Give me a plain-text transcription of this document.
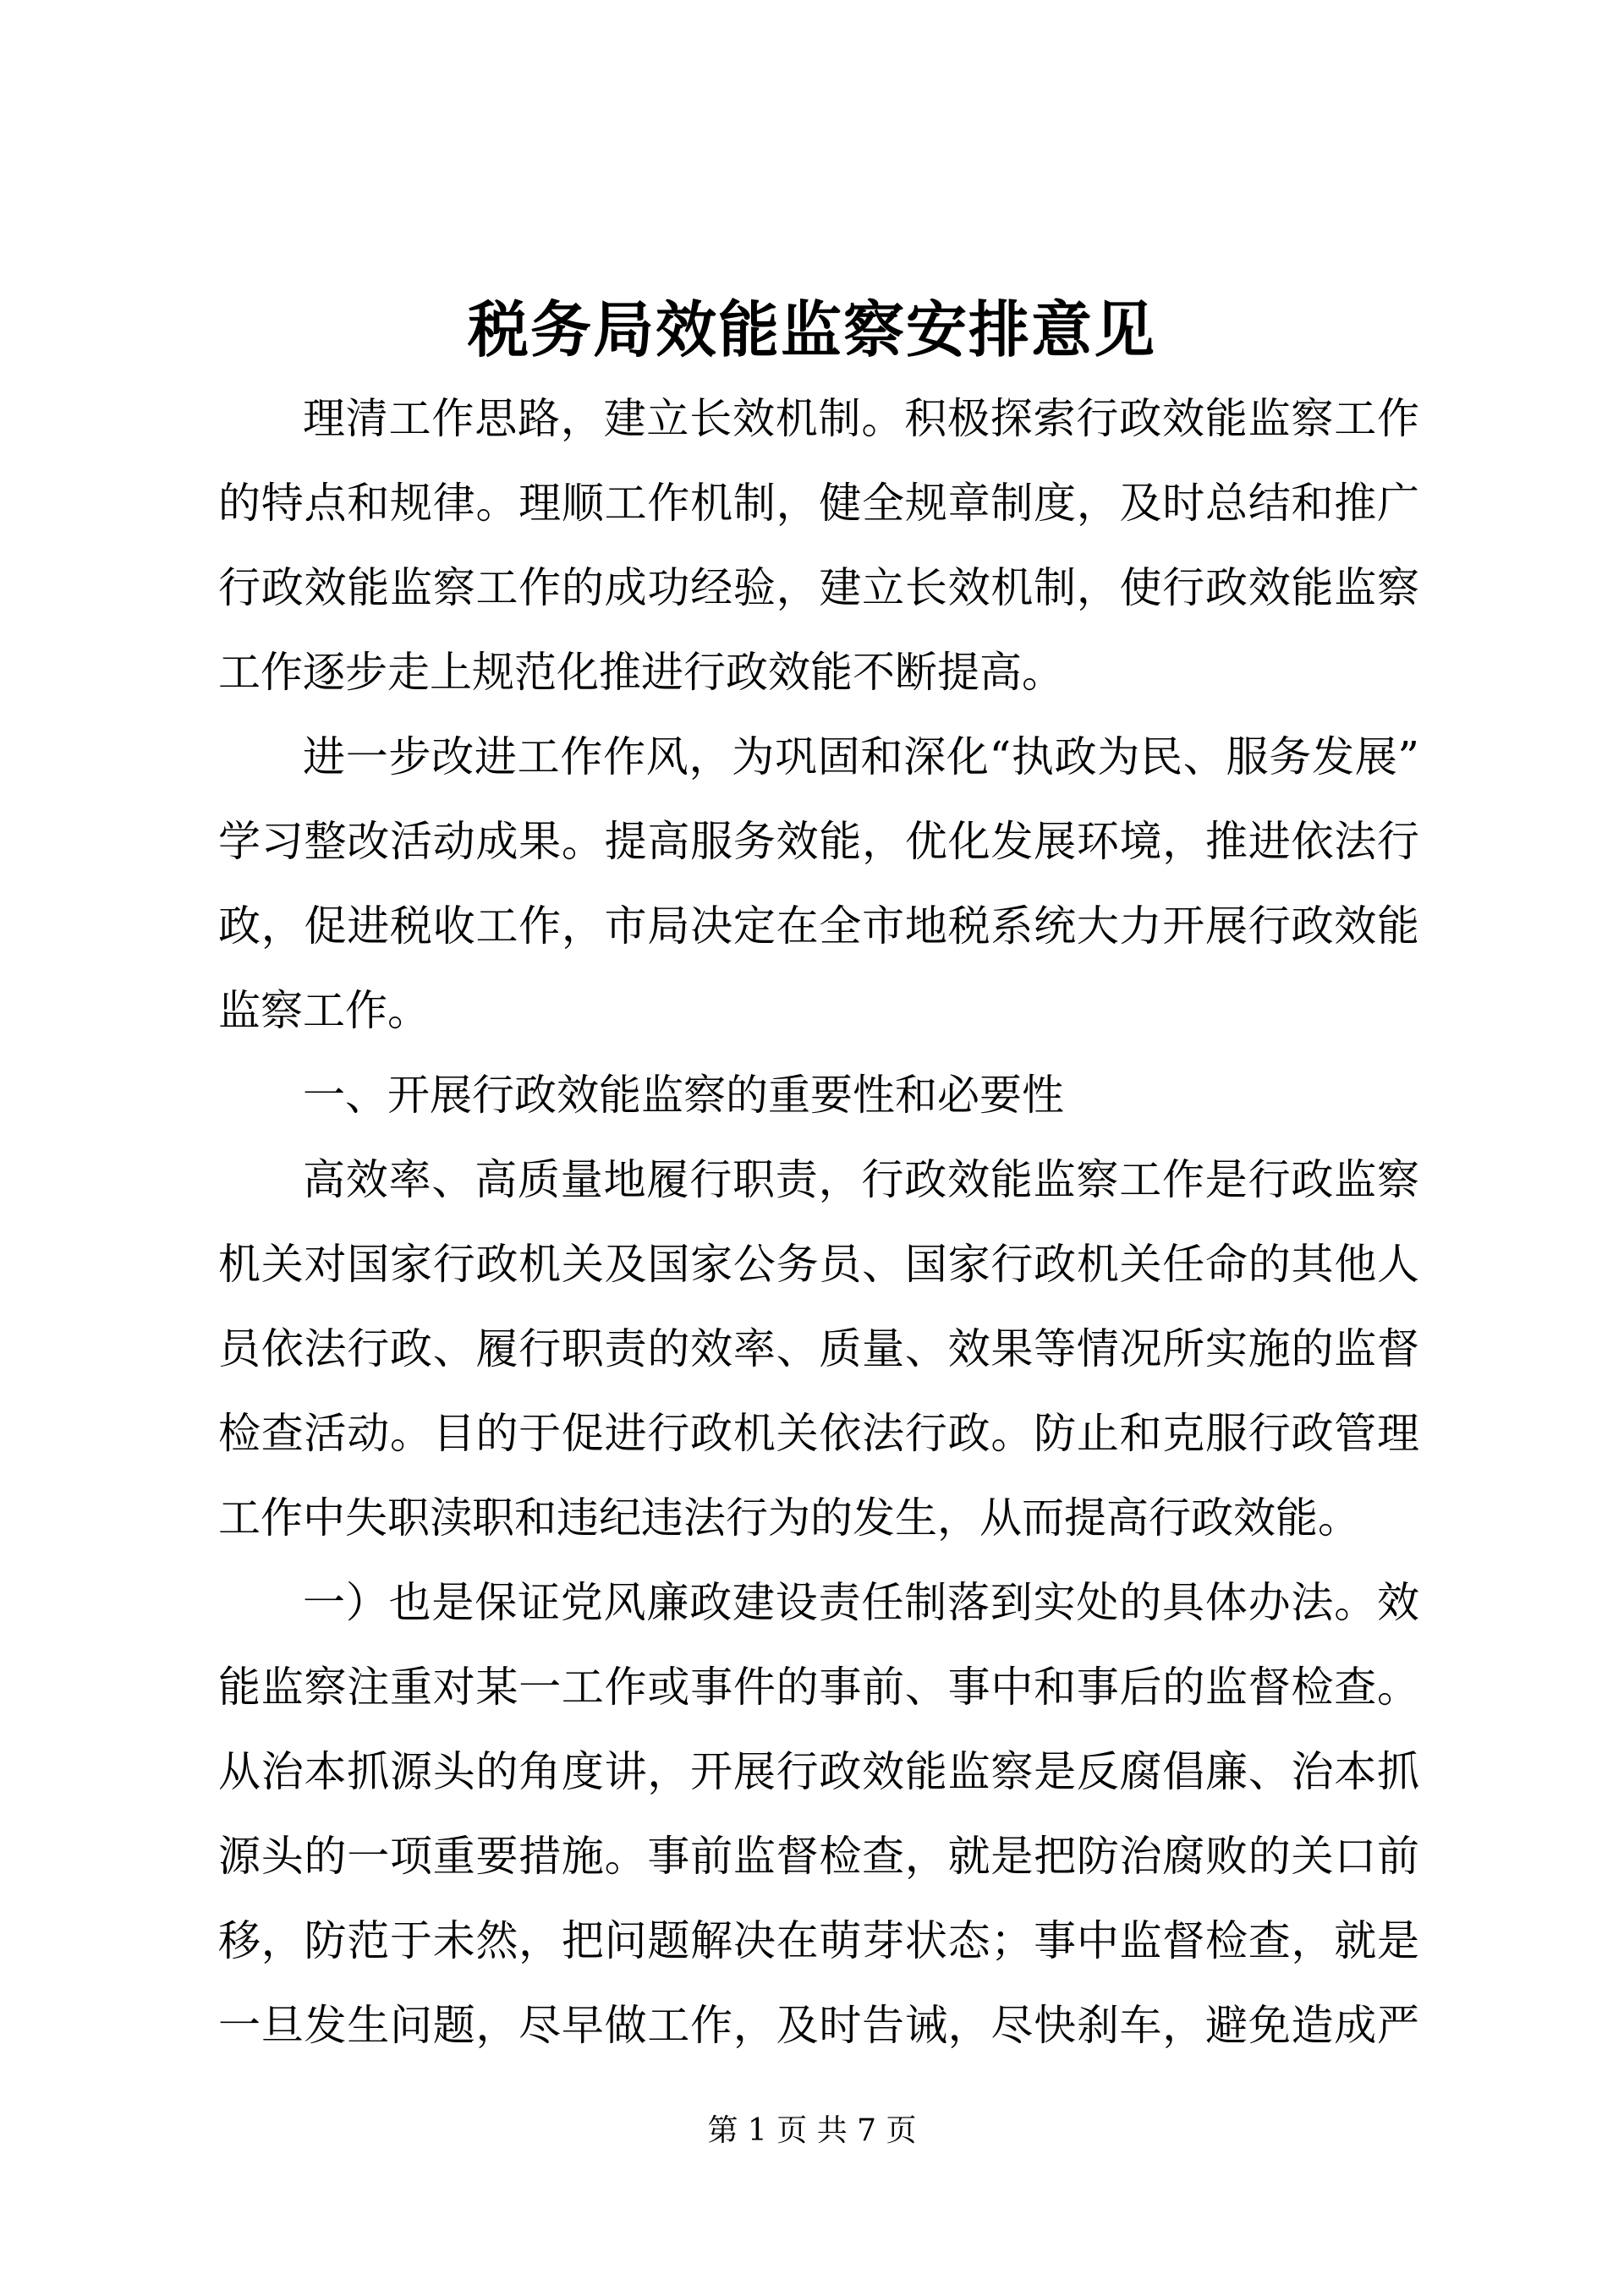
税务局效能监察安排意见
理清工作思路，建立长效机制。积极探索行政效能监察工作
的特点和规律。理顺工作机制，健全规章制度，及时总结和推广
行政效能监察工作的成功经验，建立长效机制，使行政效能监察
工作逐步走上规范化推进行政效能不断提高。
进一步改进工作作风，为巩固和深化“执政为民、服务发展”
学习整改活动成果。提高服务效能，优化发展环境，推进依法行
政，促进税收工作，市局决定在全市地税系统大力开展行政效能
监察工作。
一、开展行政效能监察的重要性和必要性
高效率、高质量地履行职责，行政效能监察工作是行政监察
机关对国家行政机关及国家公务员、国家行政机关任命的其他人
员依法行政、履行职责的效率、质量、效果等情况所实施的监督
检查活动。目的于促进行政机关依法行政。防止和克服行政管理
工作中失职渎职和违纪违法行为的发生，从而提高行政效能。
一）也是保证党风廉政建设责任制落到实处的具体办法。效
能监察注重对某一工作或事件的事前、事中和事后的监督检查。
从治本抓源头的角度讲，开展行政效能监察是反腐倡廉、治本抓
源头的一项重要措施。事前监督检查，就是把防治腐败的关口前
移，防范于未然，把问题解决在萌芽状态；事中监督检查，就是
一旦发生问题，尽早做工作，及时告诫，尽快刹车，避免造成严
第 1 页 共 7 页
